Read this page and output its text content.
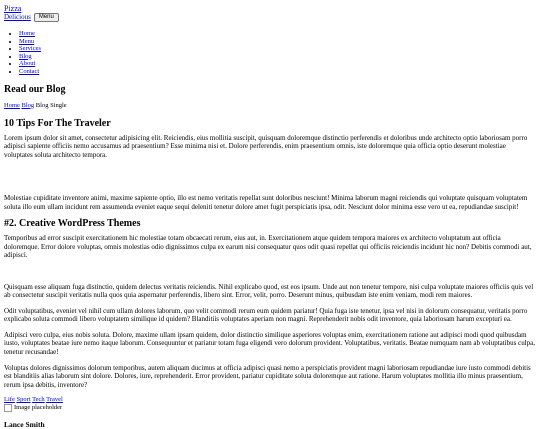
Pizza
Delicious	Menu
• Home
• Menu
• Services
• Blog
• About
• Contact
Read our Blog
Home Blog Blog Single
10 Tips For The Traveler

Lorem ipsum dolor sit amet, consectetur adipisicing elit. Reiciendis, eius mollitia suscipit, quisquam doloremque distinctio perferendis et doloribus unde architecto optio laboriosam porro adipisci sapiente officiis nemo accusamus ad praesentium? Esse minima nisi et. Dolore perferendis, enim praesentium omnis, iste doloremque quia officia optio deserunt molestiae voluptates soluta architecto tempora.

Molestiae cupiditate inventore animi, maxime sapiente optio, illo est nemo veritatis repellat sunt doloribus nesciunt! Minima laborum magni reiciendis qui voluptate quisquam voluptatem soluta illo eum ullam incidunt rem assumenda eveniet eaque sequi deleniti tenetur dolore amet fugit perspiciatis ipsa, odit. Nesciunt dolor minima esse vero ut ea, repudiandae suscipit!

#2. Creative WordPress Themes

Temporibus ad error suscipit exercitationem hic molestiae totam obcaecati rerum, eius aut, in. Exercitationem atque quidem tempora maiores ex architecto voluptatum aut officia doloremque. Error dolore voluptas, omnis molestias odio dignissimos culpa ex earum nisi consequatur quos odit quasi repellat qui officiis reiciendis incidunt hic non? Debitis commodi aut, adipisci.

Quisquam esse aliquam fuga distinctio, quidem delectus veritatis reiciendis. Nihil explicabo quod, est eos ipsum. Unde aut non tenetur tempore, nisi culpa voluptate maiores officiis quis vel ab consectetur suscipit veritatis nulla quos quia aspernatur perferendis, libero sint. Error, velit, porro. Deserunt minus, quibusdam iste enim veniam, modi rem maiores.

Odit voluptatibus, eveniet vel nihil cum ullam dolores laborum, quo velit commodi rerum eum quidem pariatur! Quia fuga iste tenetur, ipsa vel nisi in dolorum consequatur, veritatis porro explicabo soluta commodi libero voluptatem similique id quidem? Blanditiis voluptates aperiam non magni. Reprehenderit nobis odit inventore, quia laboriosam harum excepturi ea.

Adipisci vero culpa, eius nobis soluta. Dolore, maxime ullam ipsam quidem, dolor distinctio similique asperiores voluptas enim, exercitationem ratione aut adipisci modi quod quibusdam iusto, voluptates beatae iure nemo itaque laborum. Consequuntur et pariatur totam fuga eligendi vero dolorum provident. Voluptatibus, veritatis. Beatae numquam nam ab voluptatibus culpa, tenetur recusandae!

Voluptas dolores dignissimos dolorum temporibus, autem aliquam ducimus at officia adipisci quasi nemo a perspiciatis provident magni laboriosam repudiandae iure iusto commodi debitis est blanditiis alias laborum sint dolore. Dolores, iure, reprehenderit. Error provident, pariatur cupiditate soluta doloremque aut ratione. Harum voluptates mollitia illo minus praesentium, rerum ipsa debitis, inventore?

Life Sport Tech Travel
Image placeholder
Lance Smith
